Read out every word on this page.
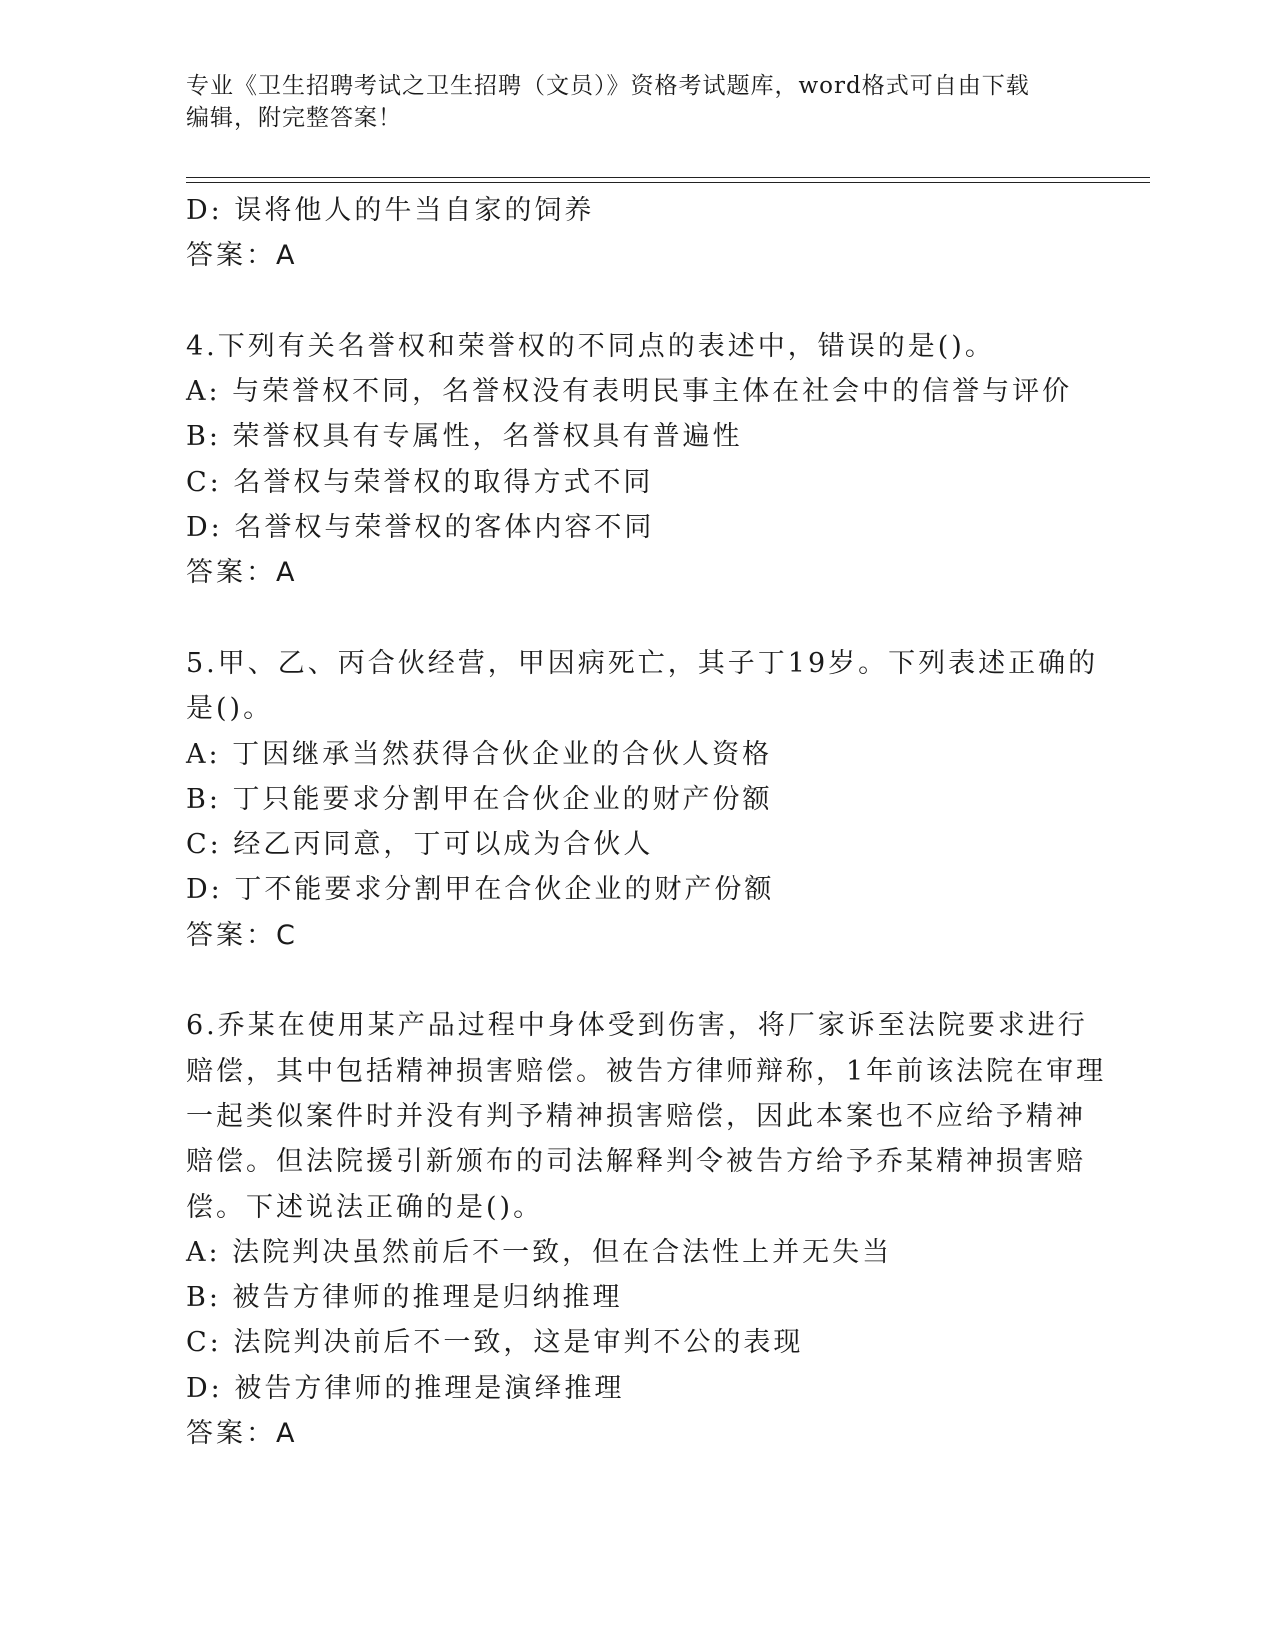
专业《卫生招聘考试之卫生招聘（文员）》资格考试题库，word格式可自由下载
编辑，附完整答案！
D: 误将他人的牛当自家的饲养
答案：A
4.下列有关名誉权和荣誉权的不同点的表述中，错误的是()。
A: 与荣誉权不同，名誉权没有表明民事主体在社会中的信誉与评价
B: 荣誉权具有专属性，名誉权具有普遍性
C: 名誉权与荣誉权的取得方式不同
D: 名誉权与荣誉权的客体内容不同
答案：A
5.甲、乙、丙合伙经营，甲因病死亡，其子丁19岁。下列表述正确的
是()。
A: 丁因继承当然获得合伙企业的合伙人资格
B: 丁只能要求分割甲在合伙企业的财产份额
C: 经乙丙同意，丁可以成为合伙人
D: 丁不能要求分割甲在合伙企业的财产份额
答案：C
6.乔某在使用某产品过程中身体受到伤害，将厂家诉至法院要求进行
赔偿，其中包括精神损害赔偿。被告方律师辩称，1年前该法院在审理
一起类似案件时并没有判予精神损害赔偿，因此本案也不应给予精神
赔偿。但法院援引新颁布的司法解释判令被告方给予乔某精神损害赔
偿。下述说法正确的是()。
A: 法院判决虽然前后不一致，但在合法性上并无失当
B: 被告方律师的推理是归纳推理
C: 法院判决前后不一致，这是审判不公的表现
D: 被告方律师的推理是演绎推理
答案：A
